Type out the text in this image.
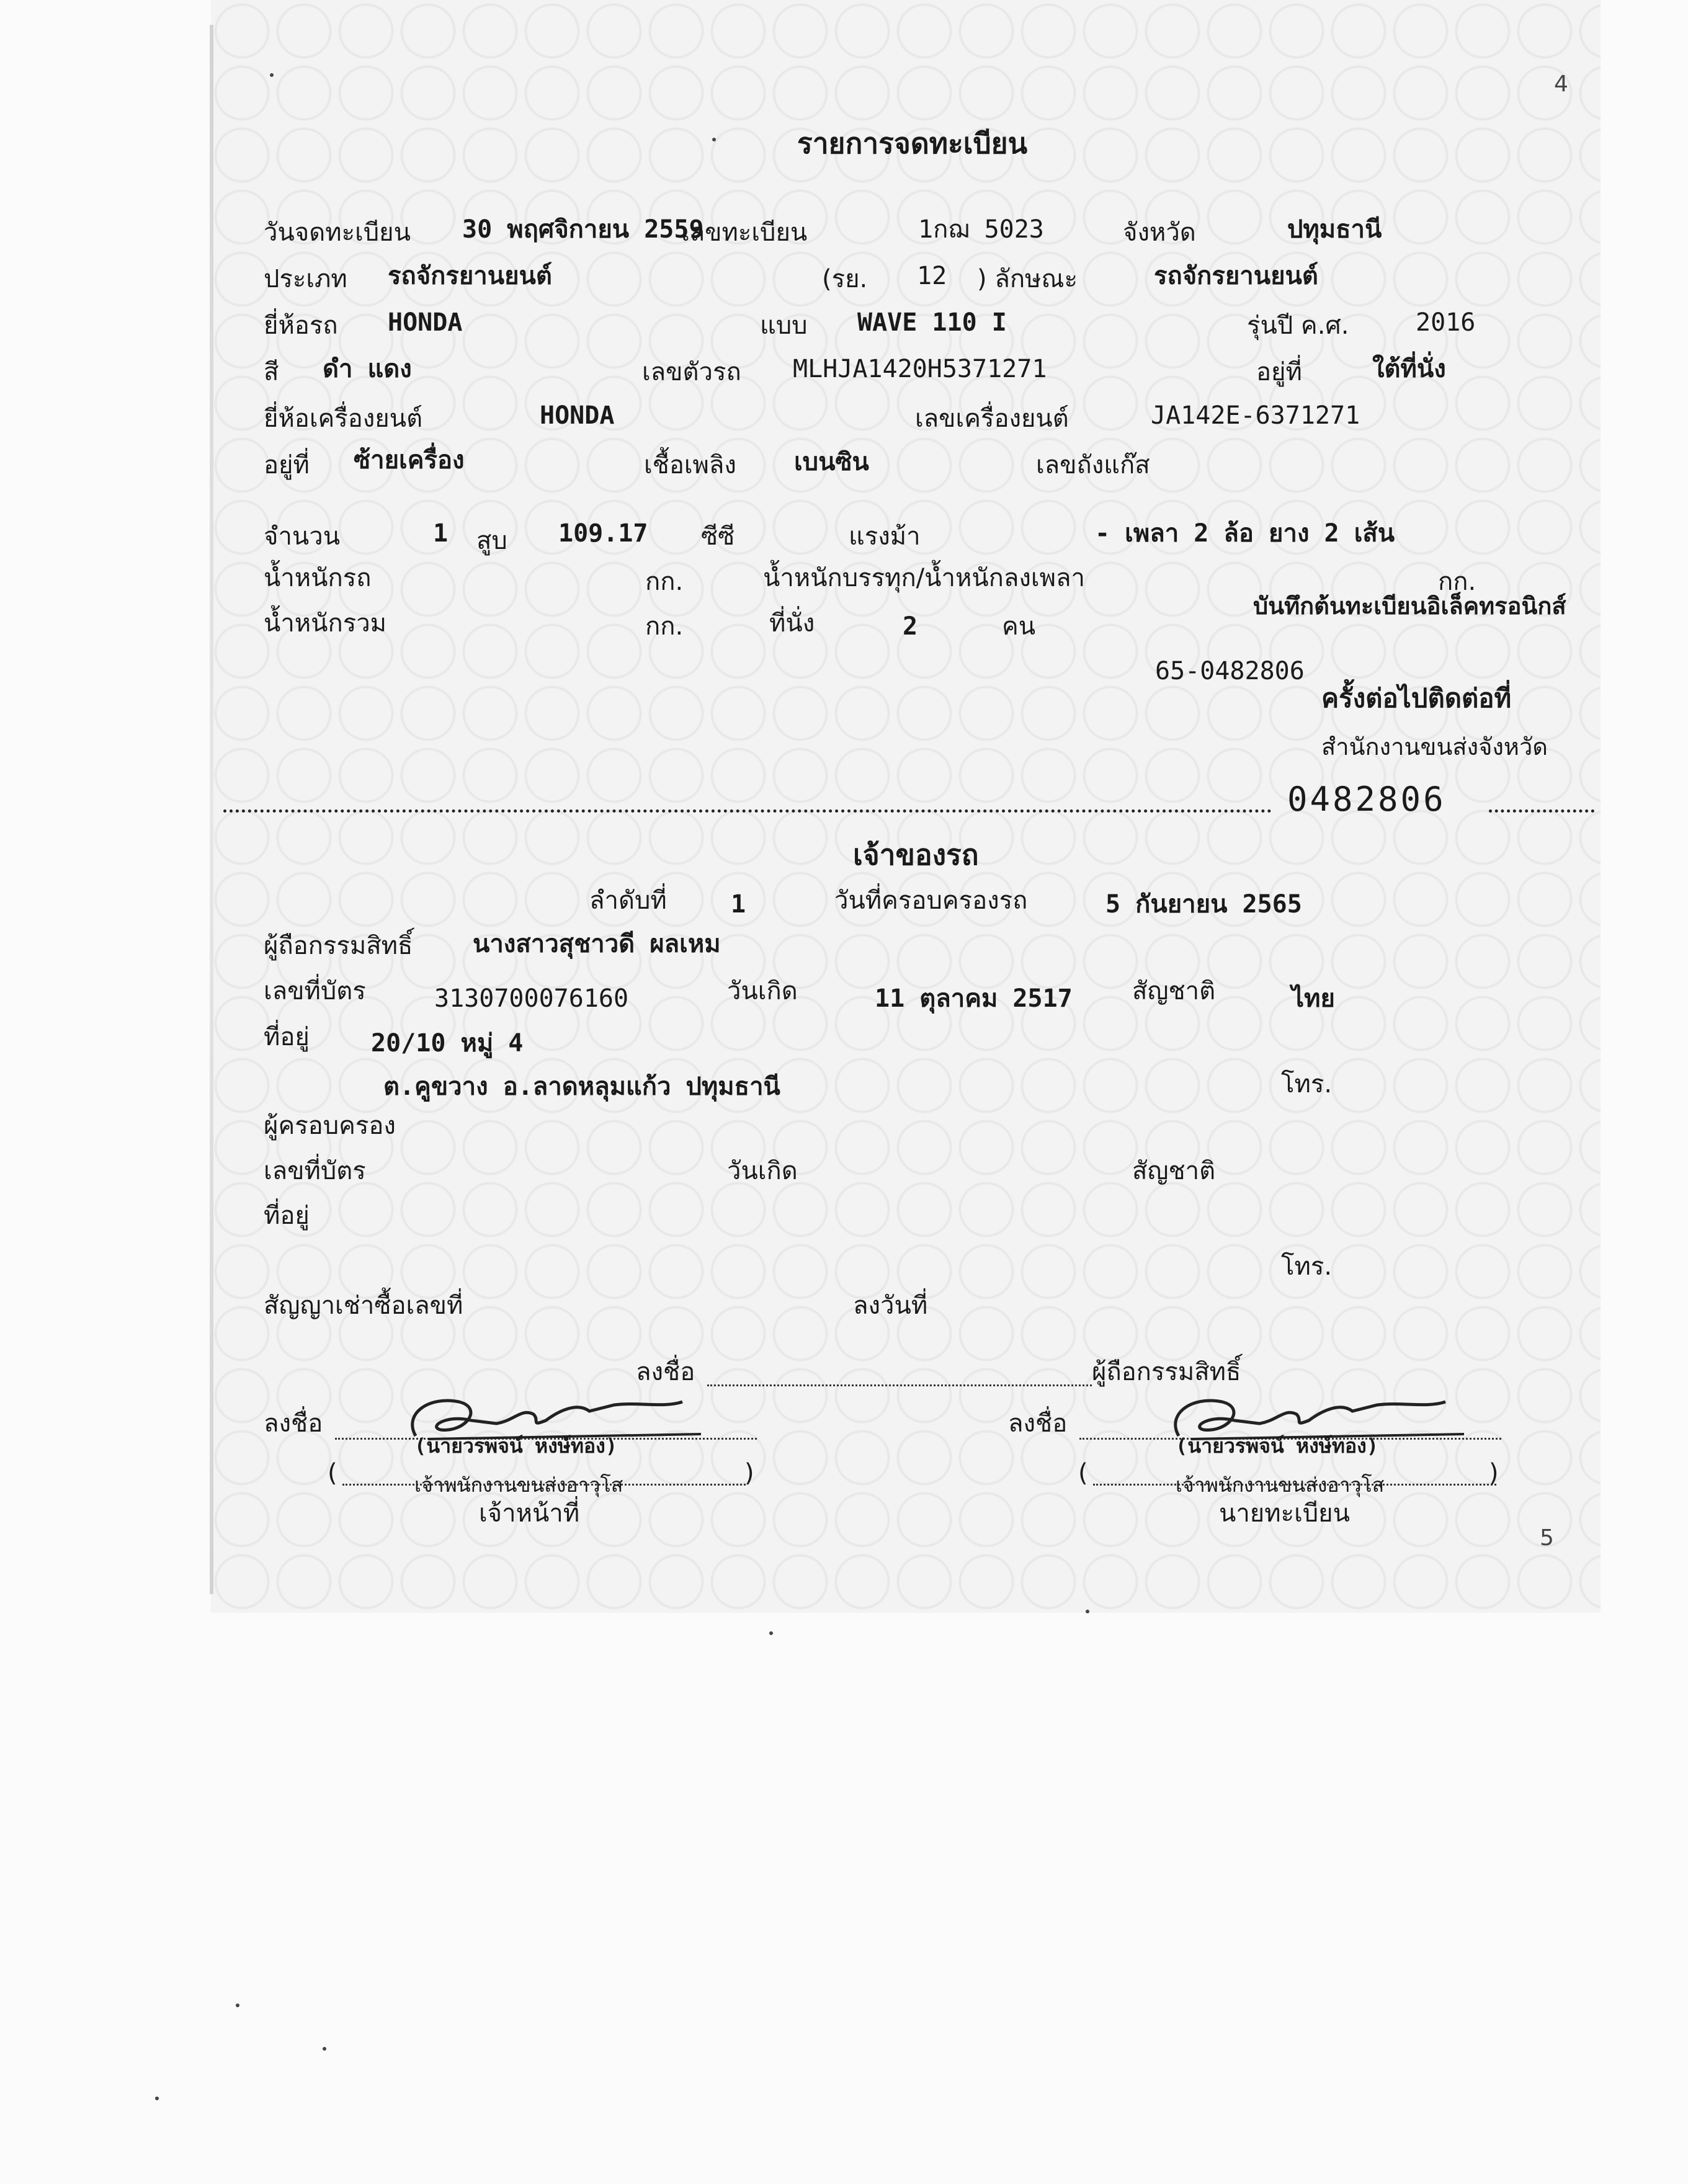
4
5
รายการจดทะเบียน
วันจดทะเบียน 30 พฤศจิกายน 2559
เลขทะเบียน	1กฌ 5023	จังหวัด	ปทุมธานี
ประเภท รถจักรยานยนต์	(รย. 12 ) ลักษณะ	รถจักรยานยนต์
ยี่ห้อรถ HONDA	แบบ WAVE 110 I	รุ่นปี ค.ศ.	2016
สี ดำ แดง	เลขตัวรถ MLHJA1420H5371271	อยู่ที่	ใต้ที่นั่ง
ยี่ห้อเครื่องยนต์	HONDA	เลขเครื่องยนต์	JA142E-6371271
อยู่ที่ ซ้ายเครื่อง	เชื้อเพลิง เบนซิน	เลขถังแก๊ส
จำนวน	1 สูบ 109.17 ซีซี	แรงม้า	- เพลา 2 ล้อ ยาง 2 เส้น
น้ำหนักรถ	กก.	น้ำหนักบรรทุก/น้ำหนักลงเพลา	กก.
บันทึกต้นทะเบียนอิเล็คทรอนิกส์
น้ำหนักรวม	กก.	ที่นั่ง	2	คน
65-0482806
ครั้งต่อไปติดต่อที่
สำนักงานขนส่งจังหวัด
0482806
เจ้าของรถ
ลำดับที่	1	วันที่ครอบครองรถ	5 กันยายน 2565
ผู้ถือกรรมสิทธิ์ นางสาวสุชาวดี ผลเหม
เลขที่บัตร	3130700076160	วันเกิด	11 ตุลาคม 2517 สัญชาติ	ไทย
ที่อยู่ 20/10 หมู่ 4
ต.คูขวาง อ.ลาดหลุมแก้ว ปทุมธานี	โทร.
ผู้ครอบครอง
เลขที่บัตร	วันเกิด	สัญชาติ
ที่อยู่
โทร.
สัญญาเช่าซื้อเลขที่	ลงวันที่
ลงชื่อ	ผู้ถือกรรมสิทธิ์
ลงชื่อ
(นายวรพจน์ หงษ์ทอง)
(	)
เจ้าพนักงานขนส่งอาวุโส
เจ้าหน้าที่
ลงชื่อ
(นายวรพจน์ หงษ์ทอง)
(	)
เจ้าพนักงานขนส่งอาวุโส
นายทะเบียน
